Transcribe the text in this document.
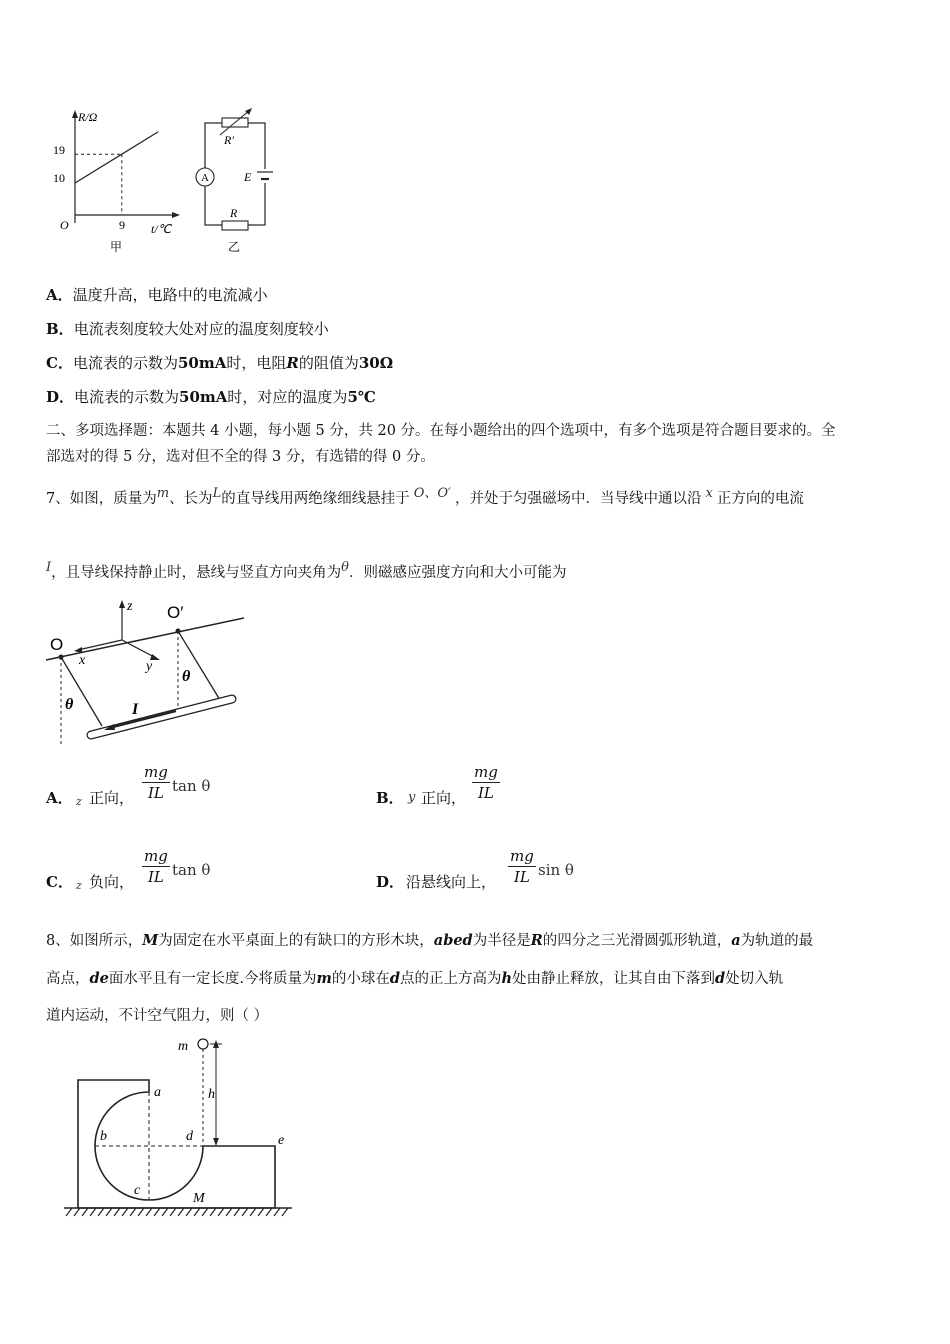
R/Ω
19
10
O	9 t/℃
甲
R′
A	E
R
乙
A．温度升高，电路中的电流减小
B．电流表刻度较大处对应的温度刻度较小
C．电流表的示数为50mA时，电阻R的阻值为30Ω
D．电流表的示数为50mA时，对应的温度为5℃
二、多项选择题：本题共 4 小题，每小题 5 分，共 20 分。在每小题给出的四个选项中，有多个选项是符合题目要求的。全
部选对的得 5 分，选对但不全的得 3 分，有选错的得 0 分。
7、如图，质量为$^m$、长为$^L$的直导线用两绝缘细线悬挂于 $^{O、O'}$ ，并处于匀强磁场中．当导线中通以沿 $^x$ 正方向的电流
$^I$，且导线保持静止时，悬线与竖直方向夹角为$^\theta$．则磁感应强度方向和大小可能为
O
O′
z
x	y
θ
θ
I
A． z 正向， $\frac{mg}{IL}$ tan θ
B． y 正向， $\frac{mg}{IL}$
C． z 负向， $\frac{mg}{IL}$ tan θ
D． 沿悬线向上， $\frac{mg}{IL}$ sin θ
8、如图所示，M为固定在水平桌面上的有缺口的方形木块，abed为半径是R的四分之三光滑圆弧形轨道，a为轨道的最
高点，de面水平且有一定长度.今将质量为m的小球在d点的正上方高为h处由静止释放，让其自由下落到d处切入轨
道内运动，不计空气阻力，则（ ）
m
h
a
b
c
d	e
M
